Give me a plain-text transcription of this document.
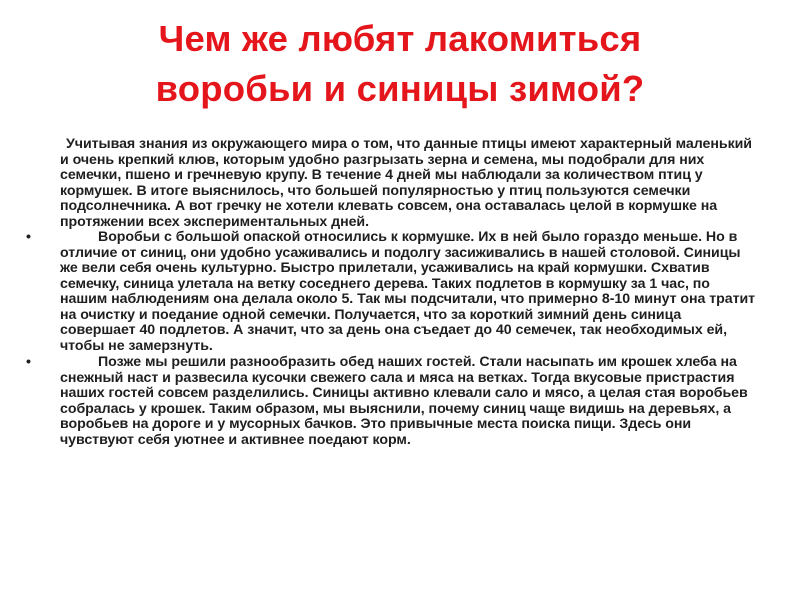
Чем же любят лакомиться
воробьи и синицы зимой?

Учитывая знания из окружающего мира о том, что данные птицы имеют характерный маленький и очень крепкий клюв, которым удобно разгрызать зерна и семена, мы подобрали для них семечки, пшено и гречневую крупу. В течение 4 дней мы наблюдали за количеством птиц у кормушек. В итоге выяснилось, что большей популярностью у птиц пользуются семечки подсолнечника. А вот гречку не хотели клевать совсем, она оставалась целой в кормушке на протяжении всех экспериментальных дней.

•	Воробьи с большой опаской относились к кормушке. Их в ней было гораздо меньше. Но в отличие от синиц, они удобно усаживались и подолгу засиживались в нашей столовой. Синицы же вели себя очень культурно. Быстро прилетали, усаживались на край кормушки. Схватив семечку, синица улетала на ветку соседнего дерева. Таких подлетов в кормушку за 1 час, по нашим наблюдениям она делала около 5. Так мы подсчитали, что примерно 8-10 минут она тратит на очистку и поедание одной семечки. Получается, что за короткий зимний день синица совершает 40 подлетов. А значит, что за день она съедает до 40 семечек, так необходимых ей, чтобы не замерзнуть.
•	Позже мы решили разнообразить обед наших гостей. Стали насыпать им крошек хлеба на снежный наст и развесила кусочки свежего сала и мяса на ветках. Тогда вкусовые пристрастия наших гостей совсем разделились. Синицы активно клевали сало и мясо, а целая стая воробьев собралась у крошек. Таким образом, мы выяснили, почему синиц чаще видишь на деревьях, а воробьев на дороге и у мусорных бачков. Это привычные места поиска пищи. Здесь они чувствуют себя уютнее и активнее поедают корм.
